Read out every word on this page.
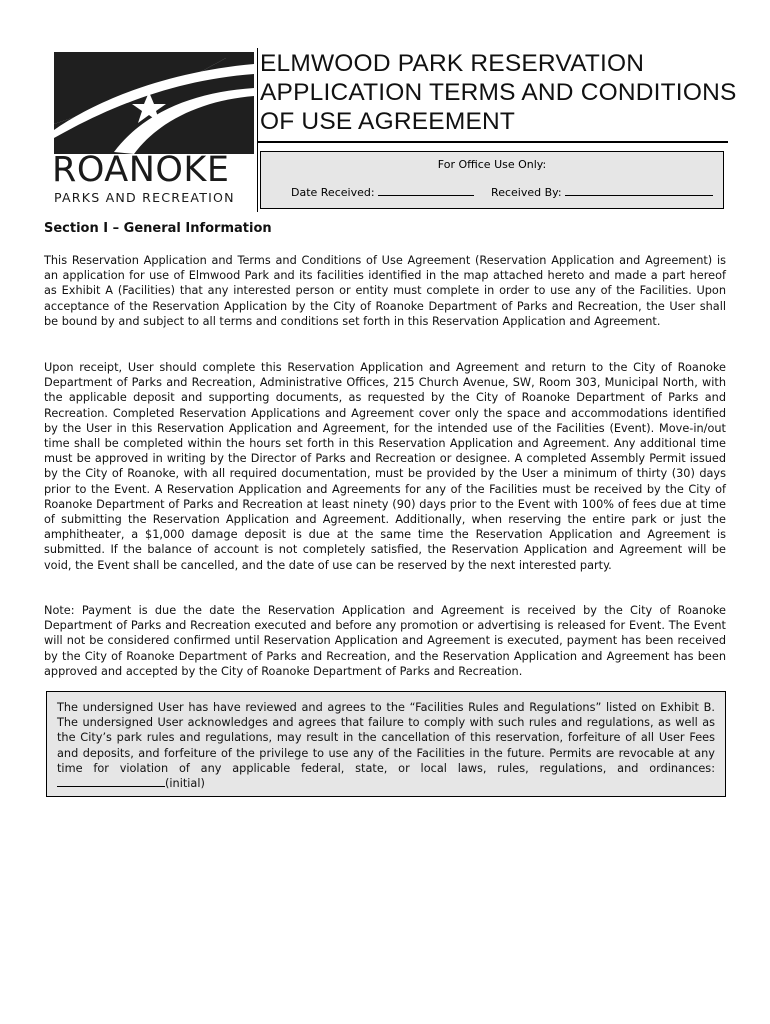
ROANOKE
PARKS AND RECREATION
ELMWOOD PARK RESERVATION APPLICATION TERMS AND CONDITIONS OF USE AGREEMENT
For Office Use Only:
Date Received:	Received By:
Section I – General Information
This Reservation Application and Terms and Conditions of Use Agreement (Reservation Application and Agreement) is an application for use of Elmwood Park and its facilities identified in the map attached hereto and made a part hereof as Exhibit A (Facilities) that any interested person or entity must complete in order to use any of the Facilities. Upon acceptance of the Reservation Application by the City of Roanoke Department of Parks and Recreation, the User shall be bound by and subject to all terms and conditions set forth in this Reservation Application and Agreement.
Upon receipt, User should complete this Reservation Application and Agreement and return to the City of Roanoke Department of Parks and Recreation, Administrative Offices, 215 Church Avenue, SW, Room 303, Municipal North, with the applicable deposit and supporting documents, as requested by the City of Roanoke Department of Parks and Recreation. Completed Reservation Applications and Agreement cover only the space and accommodations identified by the User in this Reservation Application and Agreement, for the intended use of the Facilities (Event). Move-in/out time shall be completed within the hours set forth in this Reservation Application and Agreement. Any additional time must be approved in writing by the Director of Parks and Recreation or designee. A completed Assembly Permit issued by the City of Roanoke, with all required documentation, must be provided by the User a minimum of thirty (30) days prior to the Event. A Reservation Application and Agreements for any of the Facilities must be received by the City of Roanoke Department of Parks and Recreation at least ninety (90) days prior to the Event with 100% of fees due at time of submitting the Reservation Application and Agreement. Additionally, when reserving the entire park or just the amphitheater, a $1,000 damage deposit is due at the same time the Reservation Application and Agreement is submitted. If the balance of account is not completely satisfied, the Reservation Application and Agreement will be void, the Event shall be cancelled, and the date of use can be reserved by the next interested party.
Note: Payment is due the date the Reservation Application and Agreement is received by the City of Roanoke Department of Parks and Recreation executed and before any promotion or advertising is released for Event. The Event will not be considered confirmed until Reservation Application and Agreement is executed, payment has been received by the City of Roanoke Department of Parks and Recreation, and the Reservation Application and Agreement has been approved and accepted by the City of Roanoke Department of Parks and Recreation.
The undersigned User has have reviewed and agrees to the “Facilities Rules and Regulations” listed on Exhibit B. The undersigned User acknowledges and agrees that failure to comply with such rules and regulations, as well as the City’s park rules and regulations, may result in the cancellation of this reservation, forfeiture of all User Fees and deposits, and forfeiture of the privilege to use any of the Facilities in the future. Permits are revocable at any time for violation of any applicable federal, state, or local laws, rules, regulations, and ordinances: (initial)
